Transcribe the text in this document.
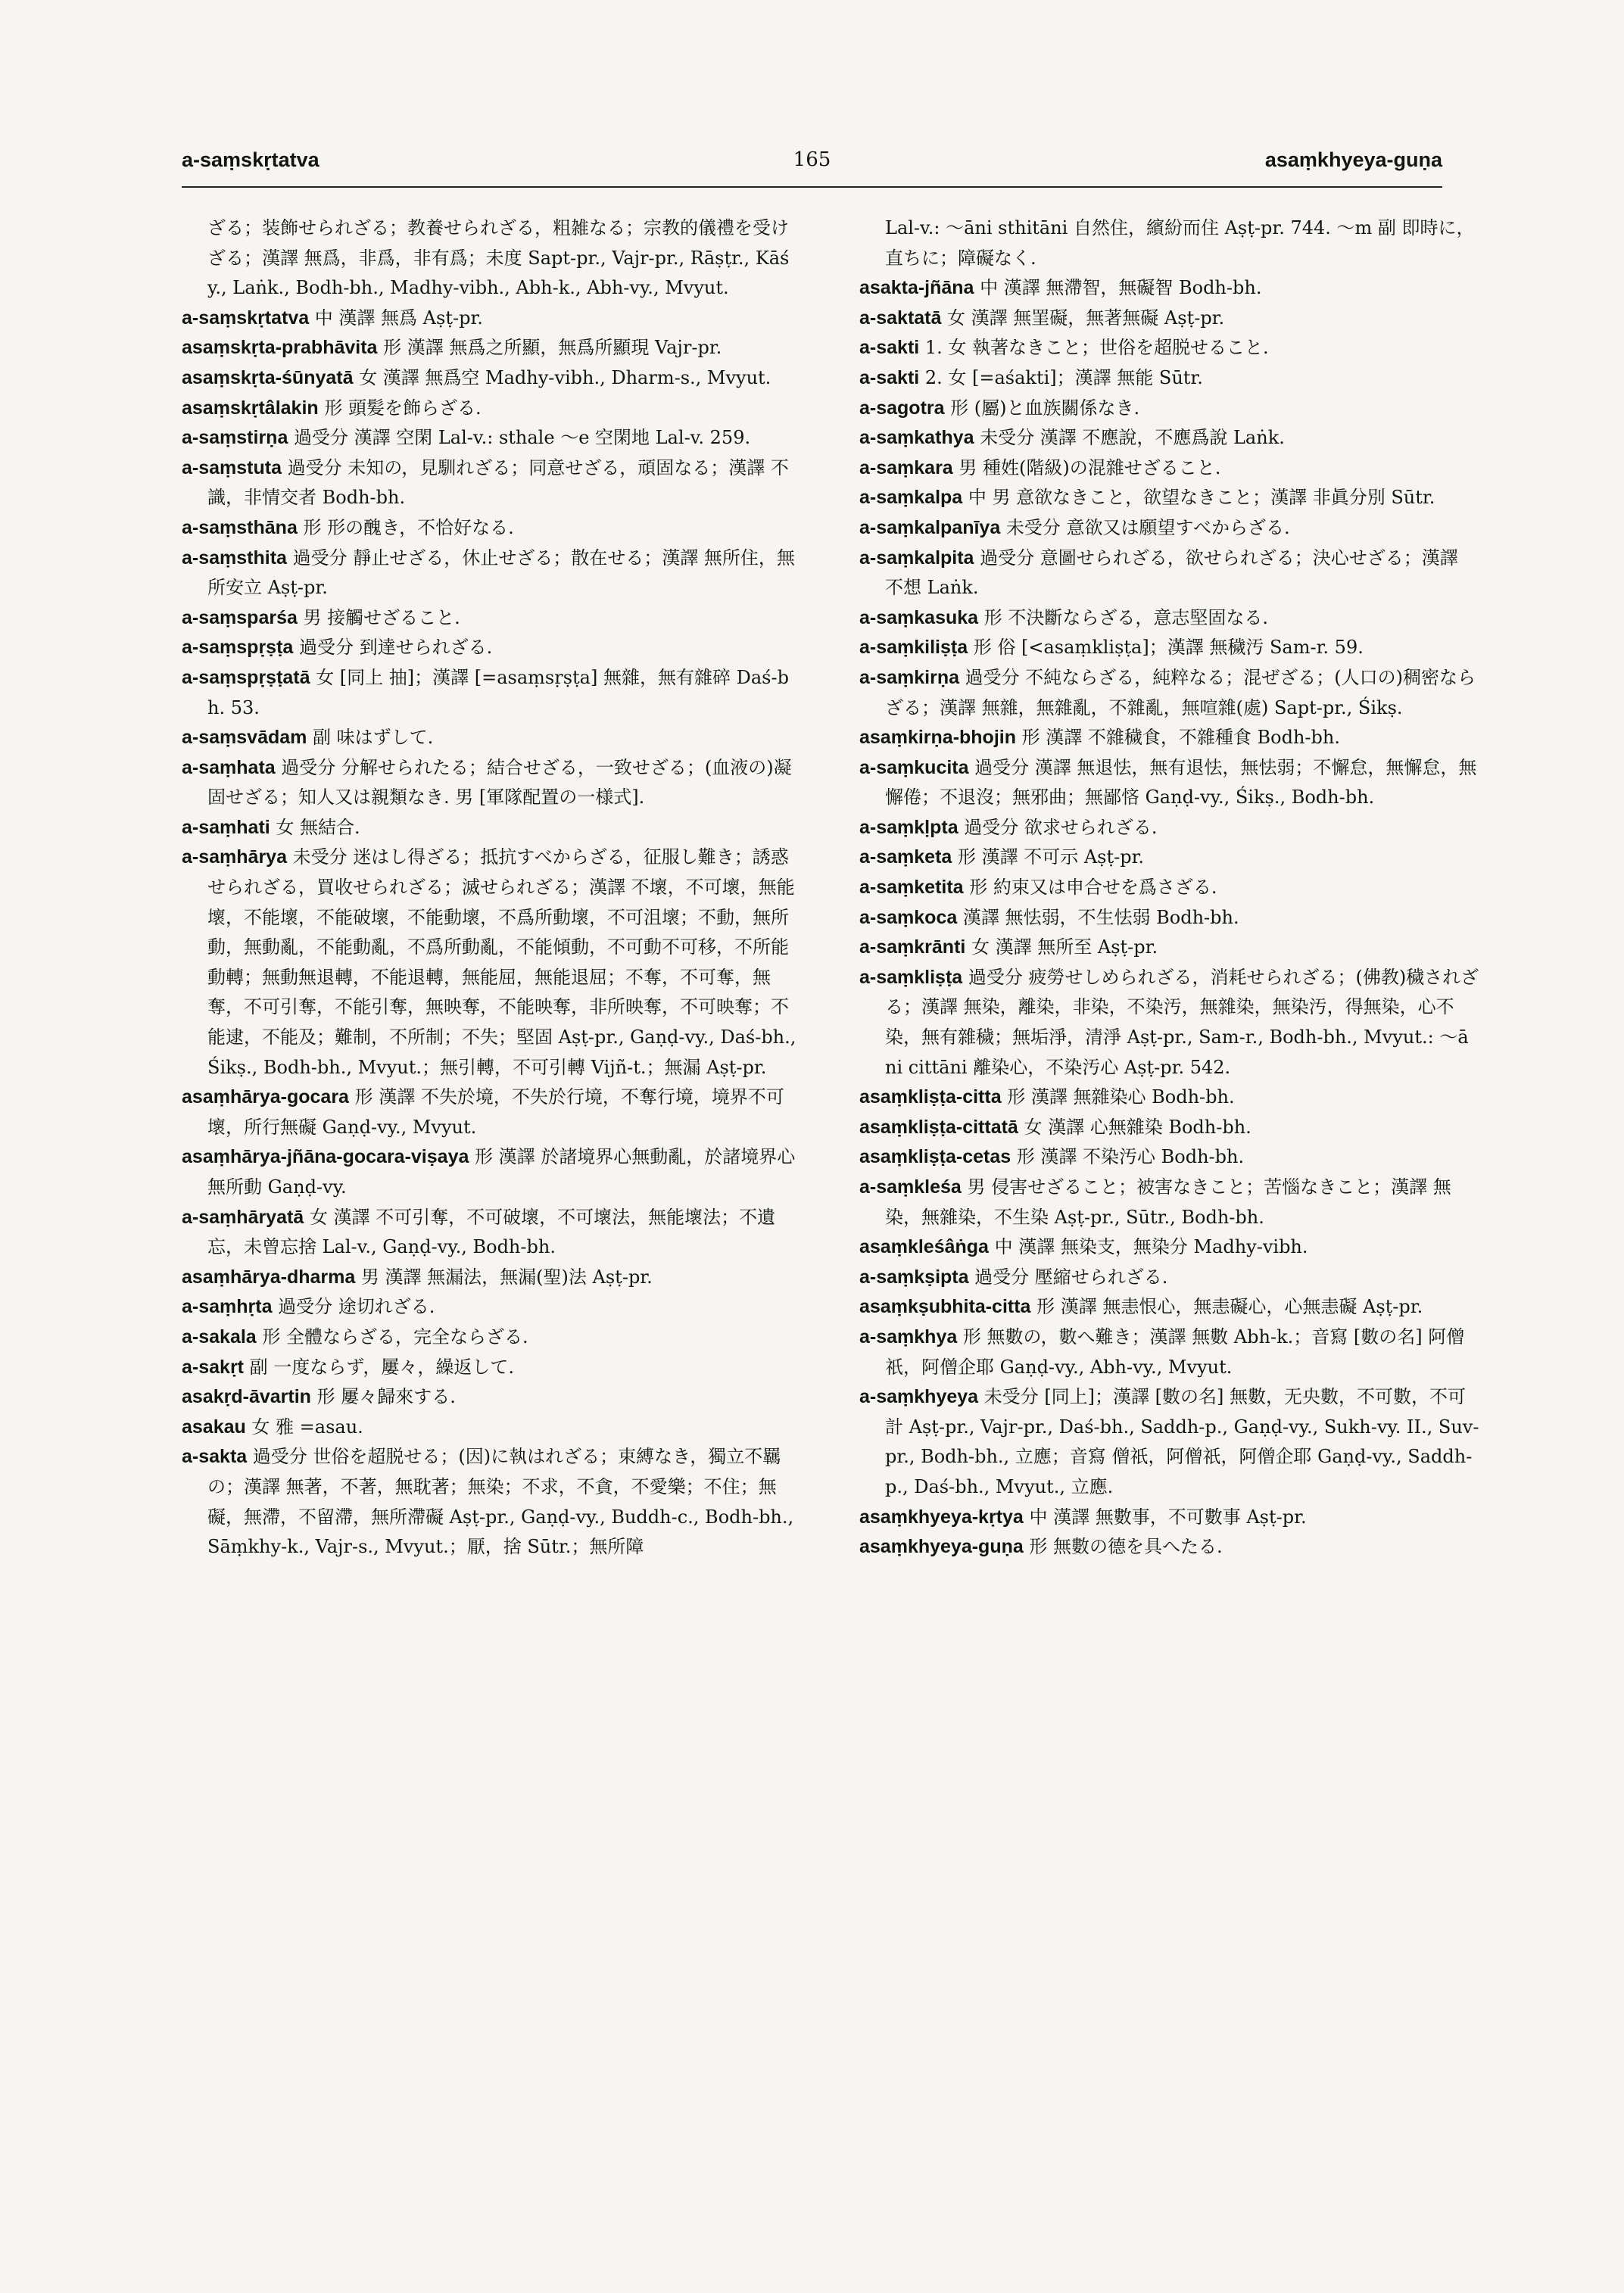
a-saṃskṛtatva	165	asaṃkhyeya-guṇa

ざる；装飾せられざる；教養せられざる，粗雑なる；宗教的儀禮を受けざる；漢譯 無爲，非爲，非有爲；未度 Sapt-pr., Vajr-pr., Rāṣṭr., Kāśy., Laṅk., Bodh-bh., Madhy-vibh., Abh-k., Abh-vy., Mvyut.

a-saṃskṛtatva 中 漢譯 無爲 Aṣṭ-pr.

asaṃskṛta-prabhāvita 形 漢譯 無爲之所顯，無爲所顯現 Vajr-pr.

asaṃskṛta-śūnyatā 女 漢譯 無爲空 Madhy-vibh., Dharm-s., Mvyut.

asaṃskṛtâlakin 形 頭髪を飾らざる.

a-saṃstirṇa 過受分 漢譯 空閑 Lal-v.: sthale ～e 空閑地 Lal-v. 259.

a-saṃstuta 過受分 未知の，見馴れざる；同意せざる，頑固なる；漢譯 不識，非情交者 Bodh-bh.

a-saṃsthāna 形 形の醜き，不恰好なる.

a-saṃsthita 過受分 靜止せざる，休止せざる；散在せる；漢譯 無所住，無所安立 Aṣṭ-pr.

a-saṃsparśa 男 接觸せざること.

a-saṃspṛṣṭa 過受分 到達せられざる.

a-saṃspṛṣṭatā 女 [同上 抽]；漢譯 [=asaṃsṛṣṭa] 無雜，無有雜碎 Daś-bh. 53.

a-saṃsvādam 副 味はずして.

a-saṃhata 過受分 分解せられたる；結合せざる，一致せざる；(血液の)凝固せざる；知人又は親類なき. 男 [軍隊配置の一様式].

a-saṃhati 女 無結合.

a-saṃhārya 未受分 迷はし得ざる；抵抗すべからざる，征服し難き；誘惑せられざる，買收せられざる；滅せられざる；漢譯 不壞，不可壞，無能壞，不能壞，不能破壞，不能動壞，不爲所動壞，不可沮壞；不動，無所動，無動亂，不能動亂，不爲所動亂，不能傾動，不可動不可移，不所能動轉；無動無退轉，不能退轉，無能屈，無能退屈；不奪，不可奪，無奪，不可引奪，不能引奪，無映奪，不能映奪，非所映奪，不可映奪；不能逮，不能及；難制，不所制；不失；堅固 Aṣṭ-pr., Gaṇḍ-vy., Daś-bh., Śikṣ., Bodh-bh., Mvyut.；無引轉，不可引轉 Vijñ-t.；無漏 Aṣṭ-pr.

asaṃhārya-gocara 形 漢譯 不失於境，不失於行境，不奪行境，境界不可壞，所行無礙 Gaṇḍ-vy., Mvyut.

asaṃhārya-jñāna-gocara-viṣaya 形 漢譯 於諸境界心無動亂，於諸境界心無所動 Gaṇḍ-vy.

a-saṃhāryatā 女 漢譯 不可引奪，不可破壞，不可壞法，無能壞法；不遺忘，未曾忘捨 Lal-v., Gaṇḍ-vy., Bodh-bh.

asaṃhārya-dharma 男 漢譯 無漏法，無漏(聖)法 Aṣṭ-pr.

a-saṃhṛta 過受分 途切れざる.

a-sakala 形 全體ならざる，完全ならざる.

a-sakṛt 副 一度ならず，屢々，繰返して.

asakṛd-āvartin 形 屢々歸來する.

asakau 女 雅 =asau.

a-sakta 過受分 世俗を超脱せる；(因)に執はれざる；束縛なき，獨立不羈の；漢譯 無著，不著，無耽著；無染；不求，不貪，不愛樂；不住；無礙，無滯，不留滯，無所滯礙 Aṣṭ-pr., Gaṇḍ-vy., Buddh-c., Bodh-bh., Sāṃkhy-k., Vajr-s., Mvyut.；厭，捨 Sūtr.；無所障

Lal-v.: ～āni sthitāni 自然住，繽紛而住 Aṣṭ-pr. 744. ～m 副 即時に，直ちに；障礙なく.

asakta-jñāna 中 漢譯 無滯智，無礙智 Bodh-bh.

a-saktatā 女 漢譯 無罣礙，無著無礙 Aṣṭ-pr.

a-sakti 1. 女 執著なきこと；世俗を超脱せること.

a-sakti 2. 女 [=aśakti]；漢譯 無能 Sūtr.

a-sagotra 形 (屬)と血族關係なき.

a-saṃkathya 未受分 漢譯 不應說，不應爲說 Laṅk.

a-saṃkara 男 種姓(階級)の混雜せざること.

a-saṃkalpa 中 男 意欲なきこと，欲望なきこと；漢譯 非眞分別 Sūtr.

a-saṃkalpanīya 未受分 意欲又は願望すべからざる.

a-saṃkalpita 過受分 意圖せられざる，欲せられざる；決心せざる；漢譯 不想 Laṅk.

a-saṃkasuka 形 不決斷ならざる，意志堅固なる.

a-saṃkiliṣṭa 形 俗 [<asaṃkliṣṭa]；漢譯 無穢汚 Sam-r. 59.

a-saṃkirṇa 過受分 不純ならざる，純粹なる；混ぜざる；(人口の)稠密ならざる；漢譯 無雜，無雜亂，不雜亂，無喧雜(處) Sapt-pr., Śikṣ.

asaṃkirṇa-bhojin 形 漢譯 不雜穢食，不雜種食 Bodh-bh.

a-saṃkucita 過受分 漢譯 無退怯，無有退怯，無怯弱；不懈怠，無懈怠，無懈倦；不退沒；無邪曲；無鄙悋 Gaṇḍ-vy., Śikṣ., Bodh-bh.

a-saṃkḷpta 過受分 欲求せられざる.

a-saṃketa 形 漢譯 不可示 Aṣṭ-pr.

a-saṃketita 形 約束又は申合せを爲さざる.

a-saṃkoca 漢譯 無怯弱，不生怯弱 Bodh-bh.

a-saṃkrānti 女 漢譯 無所至 Aṣṭ-pr.

a-saṃkliṣṭa 過受分 疲勞せしめられざる，消耗せられざる；(佛教)穢されざる；漢譯 無染，離染，非染，不染汚，無雜染，無染汚，得無染，心不染，無有雜穢；無垢淨，清淨 Aṣṭ-pr., Sam-r., Bodh-bh., Mvyut.: ～āni cittāni 離染心，不染汚心 Aṣṭ-pr. 542.

asaṃkliṣṭa-citta 形 漢譯 無雜染心 Bodh-bh.

asaṃkliṣṭa-cittatā 女 漢譯 心無雜染 Bodh-bh.

asaṃkliṣṭa-cetas 形 漢譯 不染汚心 Bodh-bh.

a-saṃkleśa 男 侵害せざること；被害なきこと；苦惱なきこと；漢譯 無染，無雜染，不生染 Aṣṭ-pr., Sūtr., Bodh-bh.

asaṃkleśâṅga 中 漢譯 無染支，無染分 Madhy-vibh.

a-saṃkṣipta 過受分 壓縮せられざる.

asaṃkṣubhita-citta 形 漢譯 無恚恨心，無恚礙心，心無恚礙 Aṣṭ-pr.

a-saṃkhya 形 無數の，數へ難き；漢譯 無數 Abh-k.；音寫 [數の名] 阿僧祇，阿僧企耶 Gaṇḍ-vy., Abh-vy., Mvyut.

a-saṃkhyeya 未受分 [同上]；漢譯 [數の名] 無數，无央數，不可數，不可計 Aṣṭ-pr., Vajr-pr., Daś-bh., Saddh-p., Gaṇḍ-vy., Sukh-vy. II., Suv-pr., Bodh-bh., 立應；音寫 僧祇，阿僧祇，阿僧企耶 Gaṇḍ-vy., Saddh-p., Daś-bh., Mvyut., 立應.

asaṃkhyeya-kṛtya 中 漢譯 無數事，不可數事 Aṣṭ-pr.

asaṃkhyeya-guṇa 形 無數の德を具へたる.
